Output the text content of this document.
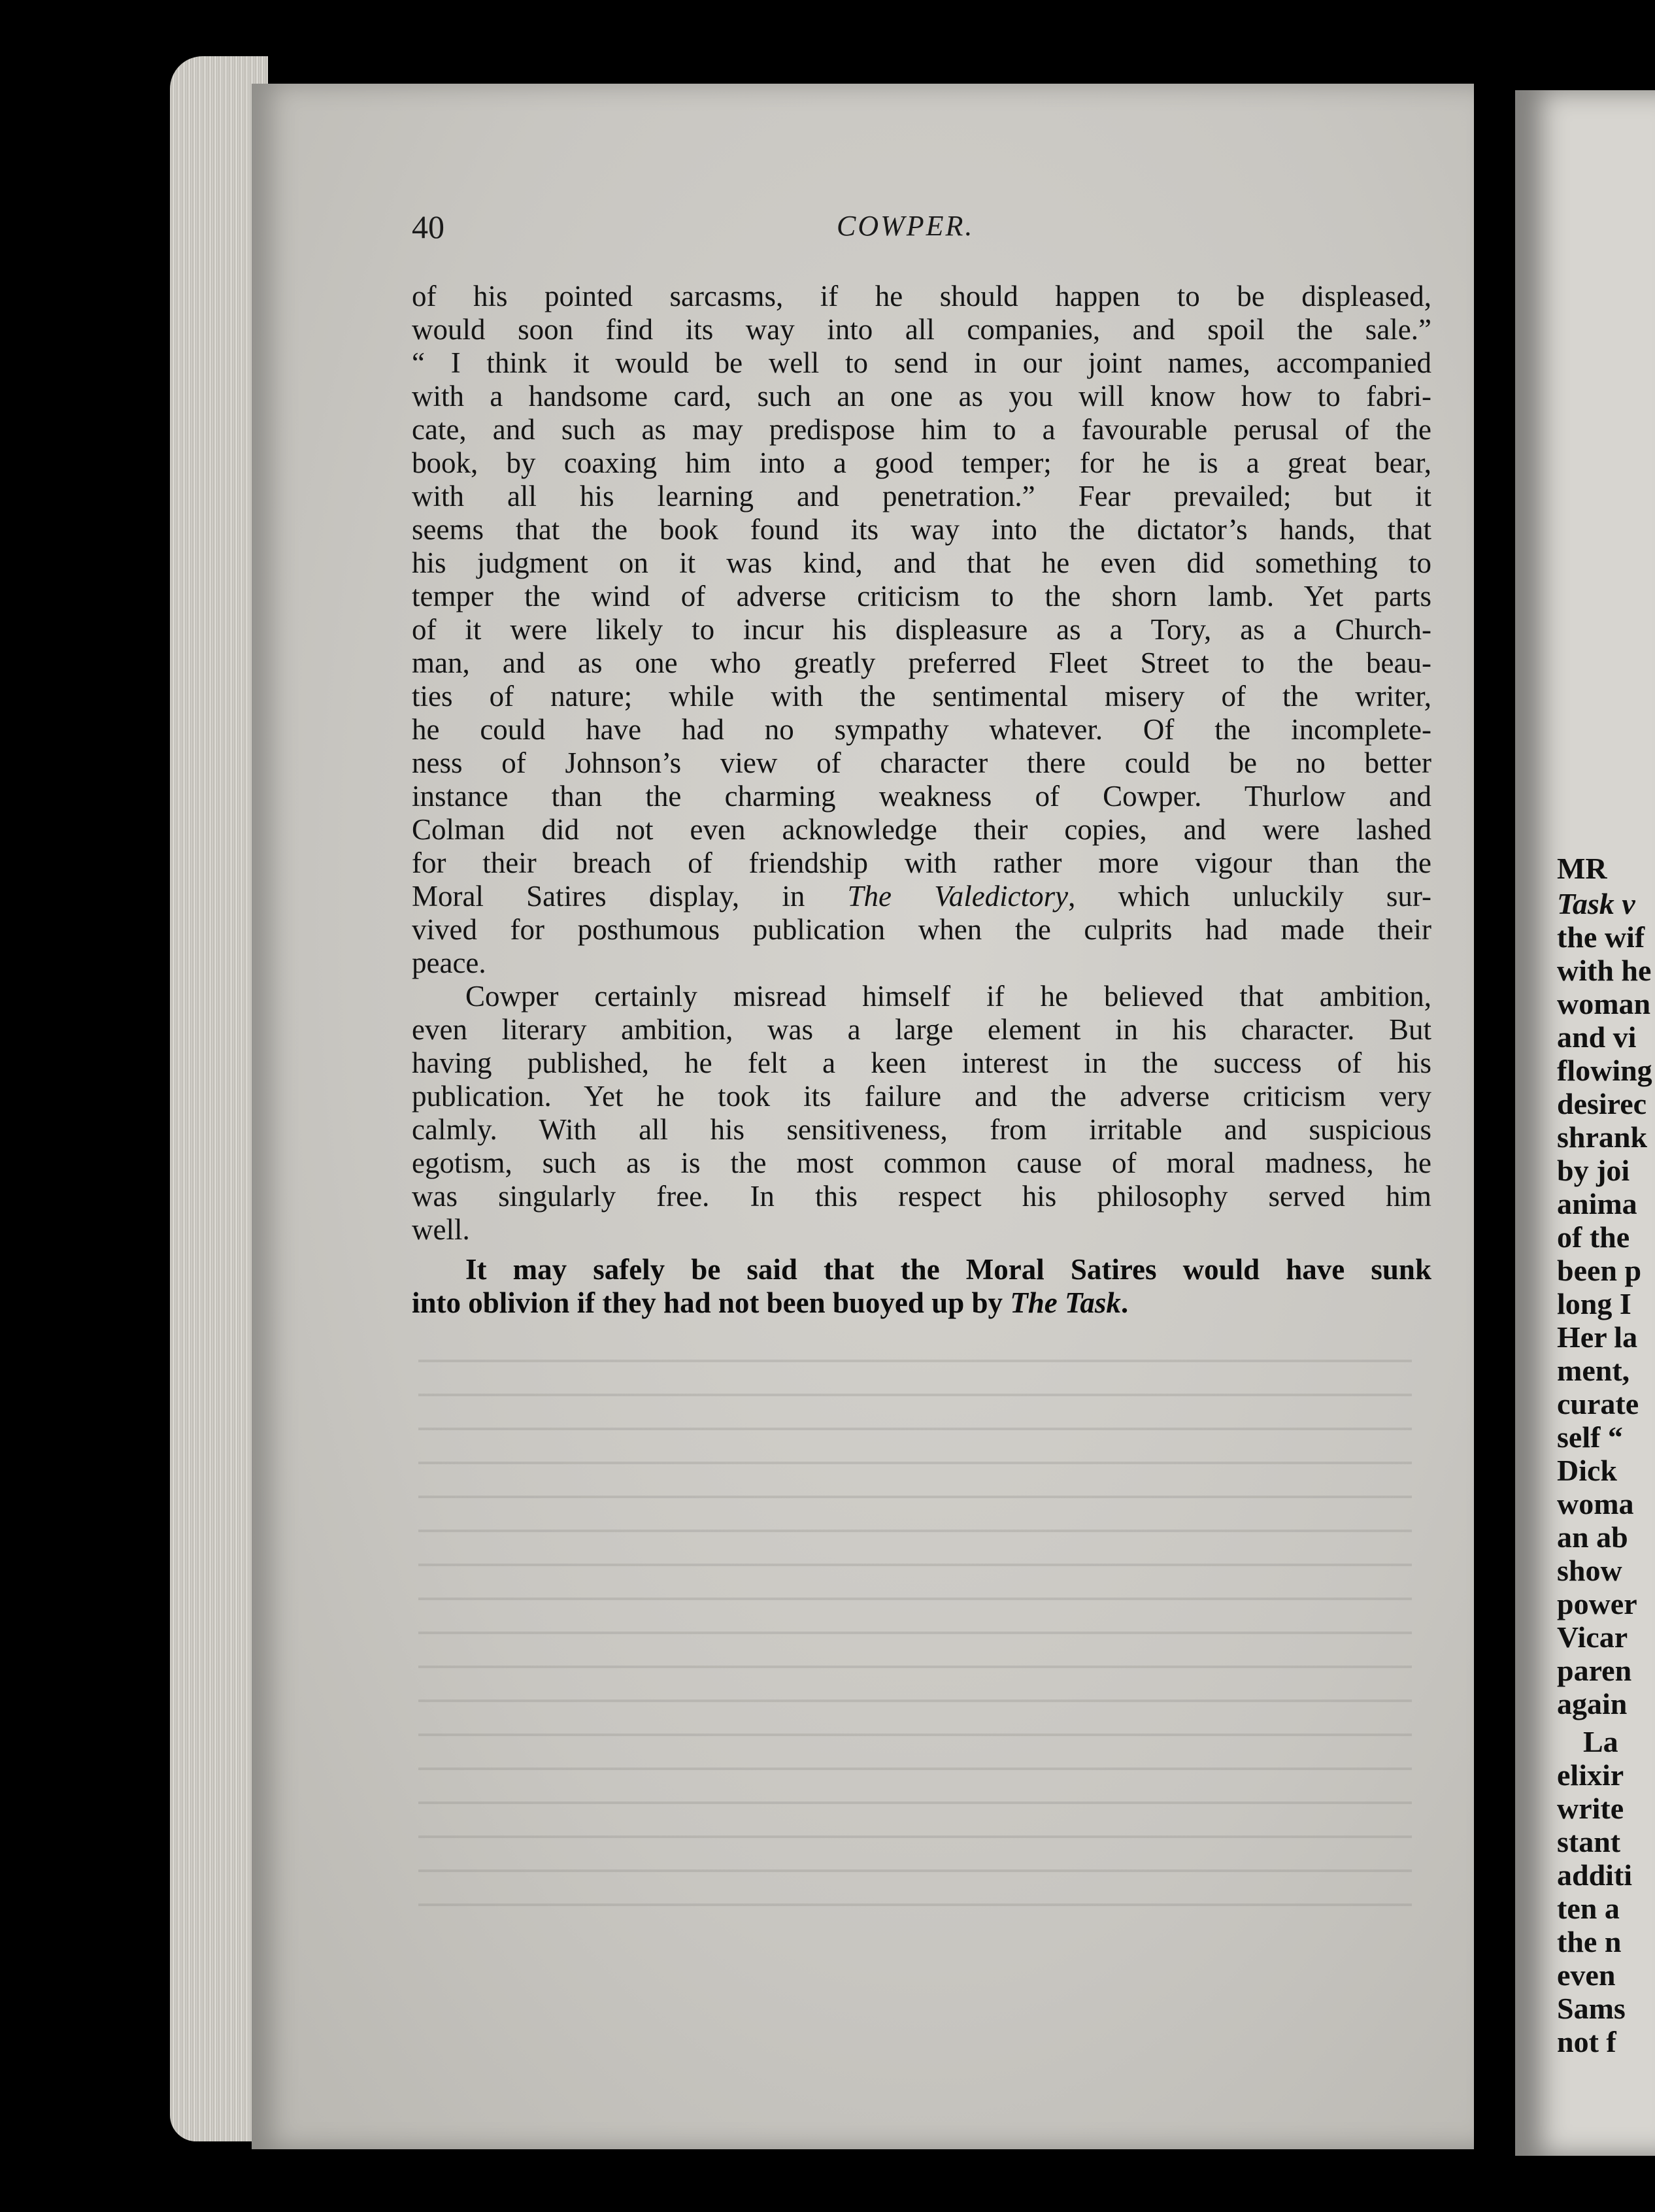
40	COWPER.
of his pointed sarcasms, if he should happen to be displeased,
would soon find its way into all companies, and spoil the sale.”
“ I think it would be well to send in our joint names, accompanied
with a handsome card, such an one as you will know how to fabri-
cate, and such as may predispose him to a favourable perusal of the
book, by coaxing him into a good temper; for he is a great bear,
with all his learning and penetration.” Fear prevailed; but it
seems that the book found its way into the dictator’s hands, that
his judgment on it was kind, and that he even did something to
temper the wind of adverse criticism to the shorn lamb. Yet parts
of it were likely to incur his displeasure as a Tory, as a Church-
man, and as one who greatly preferred Fleet Street to the beau-
ties of nature; while with the sentimental misery of the writer,
he could have had no sympathy whatever. Of the incomplete-
ness of Johnson’s view of character there could be no better
instance than the charming weakness of Cowper. Thurlow and
Colman did not even acknowledge their copies, and were lashed
for their breach of friendship with rather more vigour than the
Moral Satires display, in The Valedictory, which unluckily sur-
vived for posthumous publication when the culprits had made their
peace.
Cowper certainly misread himself if he believed that ambition,
even literary ambition, was a large element in his character. But
having published, he felt a keen interest in the success of his
publication. Yet he took its failure and the adverse criticism very
calmly. With all his sensitiveness, from irritable and suspicious
egotism, such as is the most common cause of moral madness, he
was singularly free. In this respect his philosophy served him
well.
It may safely be said that the Moral Satires would have sunk
into oblivion if they had not been buoyed up by The Task.
MR
Task v
the wif
with he
woman
and vi
flowing
desirec
shrank
by joi
anima
of the
been p
long I
Her la
ment,
curate
self “
Dick
woma
an ab
show
power
Vicar
paren
again
La
elixir
write
stant
additi
ten a
the n
even
Sams
not f
